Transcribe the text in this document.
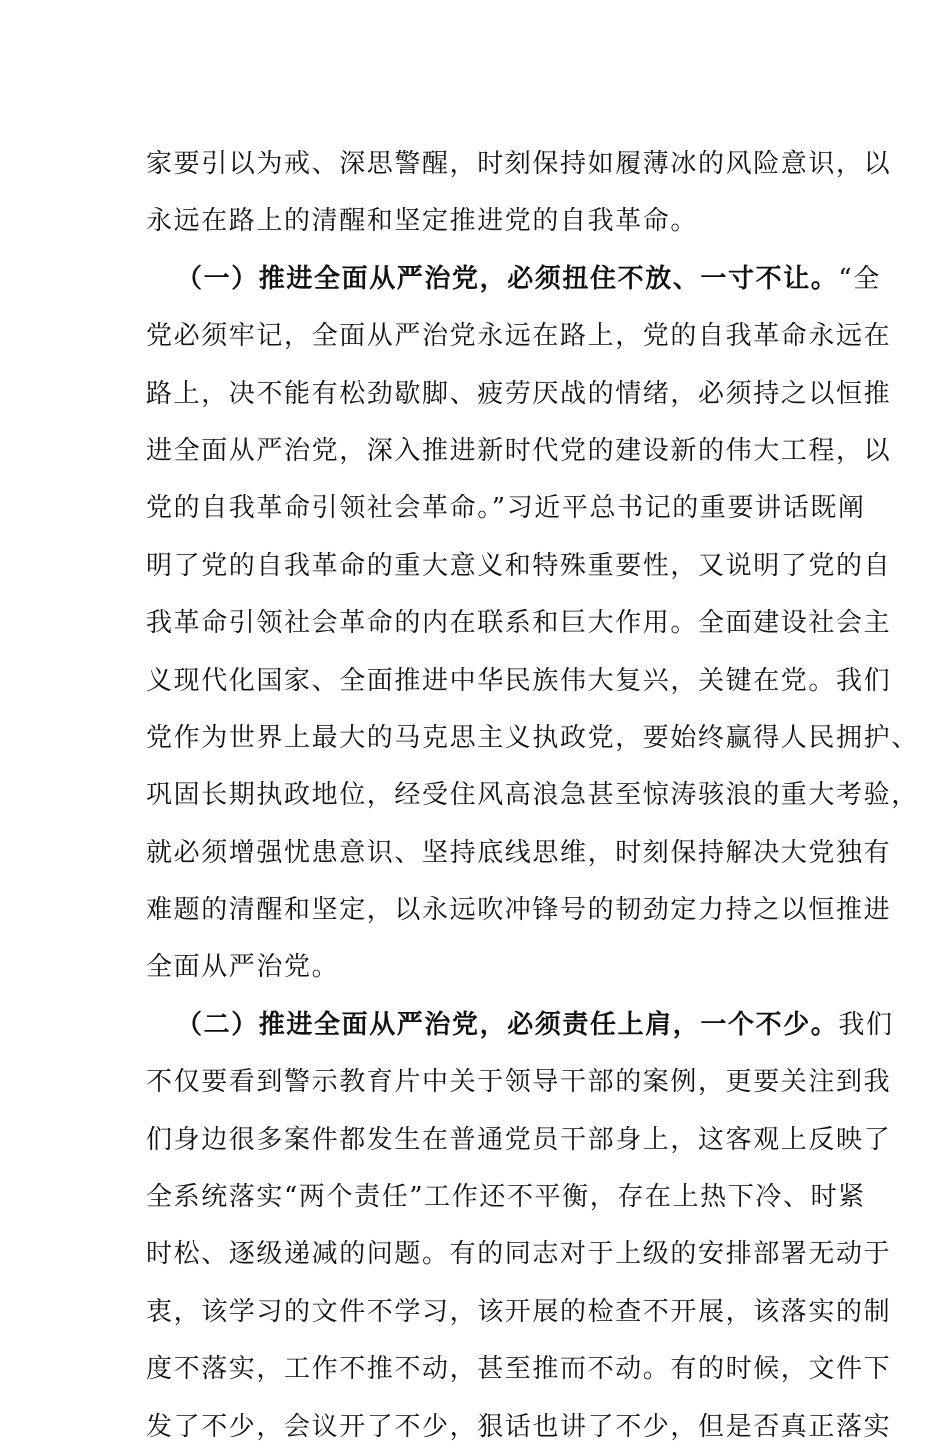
家要引以为戒、深思警醒，时刻保持如履薄冰的风险意识，以
永远在路上的清醒和坚定推进党的自我革命。
（一）推进全面从严治党，必须扭住不放、一寸不让。“全
党必须牢记，全面从严治党永远在路上，党的自我革命永远在
路上，决不能有松劲歇脚、疲劳厌战的情绪，必须持之以恒推
进全面从严治党，深入推进新时代党的建设新的伟大工程，以
党的自我革命引领社会革命。”习近平总书记的重要讲话既阐
明了党的自我革命的重大意义和特殊重要性，又说明了党的自
我革命引领社会革命的内在联系和巨大作用。全面建设社会主
义现代化国家、全面推进中华民族伟大复兴，关键在党。我们
党作为世界上最大的马克思主义执政党，要始终赢得人民拥护、
巩固长期执政地位，经受住风高浪急甚至惊涛骇浪的重大考验，
就必须增强忧患意识、坚持底线思维，时刻保持解决大党独有
难题的清醒和坚定，以永远吹冲锋号的韧劲定力持之以恒推进
全面从严治党。
（二）推进全面从严治党，必须责任上肩，一个不少。我们
不仅要看到警示教育片中关于领导干部的案例，更要关注到我
们身边很多案件都发生在普通党员干部身上，这客观上反映了
全系统落实“两个责任”工作还不平衡，存在上热下冷、时紧
时松、逐级递减的问题。有的同志对于上级的安排部署无动于
衷，该学习的文件不学习，该开展的检查不开展，该落实的制
度不落实，工作不推不动，甚至推而不动。有的时候，文件下
发了不少，会议开了不少，狠话也讲了不少，但是否真正落实
